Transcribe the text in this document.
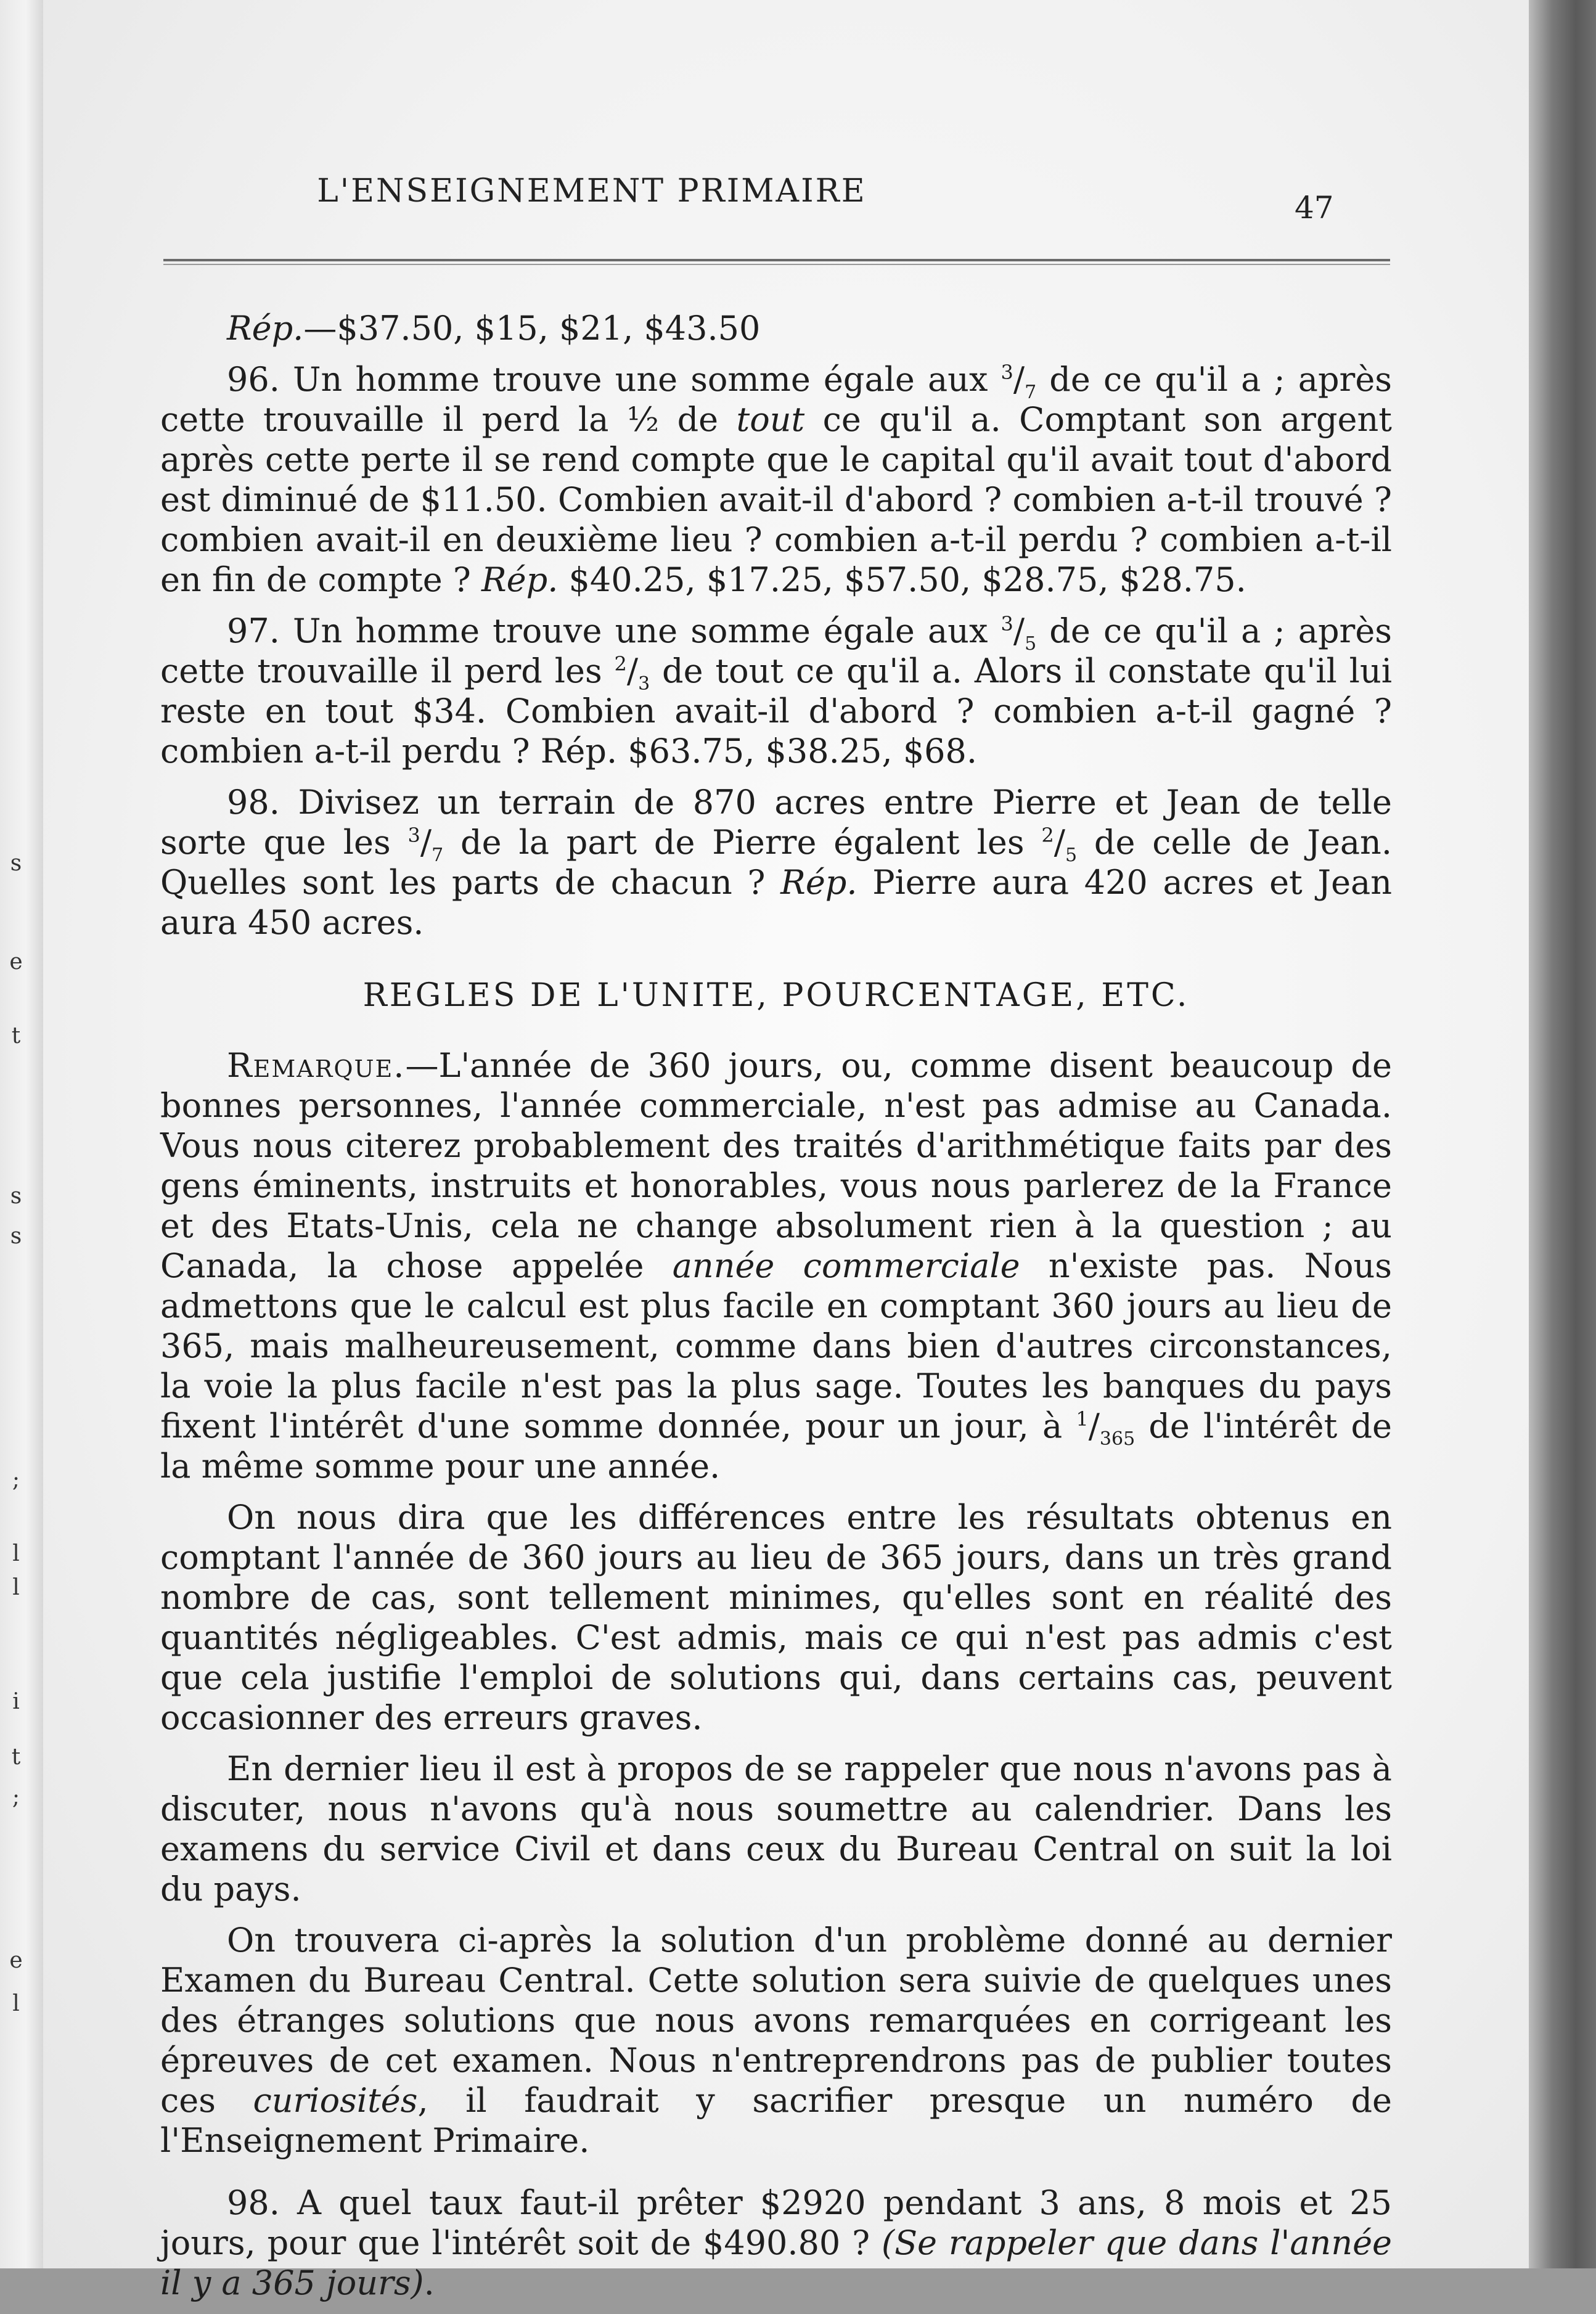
s
e
t
s
s
;
l
l
i
t
;
e
l
L'ENSEIGNEMENT PRIMAIRE	47

Rép.—$37.50, $15, $21, $43.50

96. Un homme trouve une somme égale aux $^3/_7$ de ce qu'il a ; après cette trouvaille il perd la ½ de tout ce qu'il a. Comptant son argent après cette perte il se rend compte que le capital qu'il avait tout d'abord est diminué de $11.50. Combien avait-il d'abord ? combien a-t-il trouvé ? combien avait-il en deuxième lieu ? combien a-t-il perdu ? combien a-t-il en fin de compte ? Rép. $40.25, $17.25, $57.50, $28.75, $28.75.

97. Un homme trouve une somme égale aux $^3/_5$ de ce qu'il a ; après cette trouvaille il perd les $^2/_3$ de tout ce qu'il a. Alors il constate qu'il lui reste en tout $34. Combien avait-il d'abord ? combien a-t-il gagné ? combien a-t-il perdu ? Rép. $63.75, $38.25, $68.

98. Divisez un terrain de 870 acres entre Pierre et Jean de telle sorte que les $^3/_7$ de la part de Pierre égalent les $^2/_5$ de celle de Jean. Quelles sont les parts de chacun ? Rép. Pierre aura 420 acres et Jean aura 450 acres.

REGLES DE L'UNITE, POURCENTAGE, ETC.

Remarque.—L'année de 360 jours, ou, comme disent beaucoup de bonnes personnes, l'année commerciale, n'est pas admise au Canada. Vous nous citerez probablement des traités d'arithmétique faits par des gens éminents, instruits et honorables, vous nous parlerez de la France et des Etats-Unis, cela ne change absolument rien à la question ; au Canada, la chose appelée année commerciale n'existe pas. Nous admettons que le calcul est plus facile en comptant 360 jours au lieu de 365, mais malheureusement, comme dans bien d'autres circonstances, la voie la plus facile n'est pas la plus sage. Toutes les banques du pays fixent l'intérêt d'une somme donnée, pour un jour, à $^1/_{365}$ de l'intérêt de la même somme pour une année.

On nous dira que les différences entre les résultats obtenus en comptant l'année de 360 jours au lieu de 365 jours, dans un très grand nombre de cas, sont tellement minimes, qu'elles sont en réalité des quantités négligeables. C'est admis, mais ce qui n'est pas admis c'est que cela justifie l'emploi de solutions qui, dans certains cas, peuvent occasionner des erreurs graves.

En dernier lieu il est à propos de se rappeler que nous n'avons pas à discuter, nous n'avons qu'à nous soumettre au calendrier. Dans les examens du service Civil et dans ceux du Bureau Central on suit la loi du pays.

On trouvera ci-après la solution d'un problème donné au dernier Examen du Bureau Central. Cette solution sera suivie de quelques unes des étranges solutions que nous avons remarquées en corrigeant les épreuves de cet examen. Nous n'entreprendrons pas de publier toutes ces curiosités, il faudrait y sacrifier presque un numéro de l'Enseignement Primaire.

98. A quel taux faut-il prêter $2920 pendant 3 ans, 8 mois et 25 jours, pour que l'intérêt soit de $490.80 ? (Se rappeler que dans l'année il y a 365 jours).
